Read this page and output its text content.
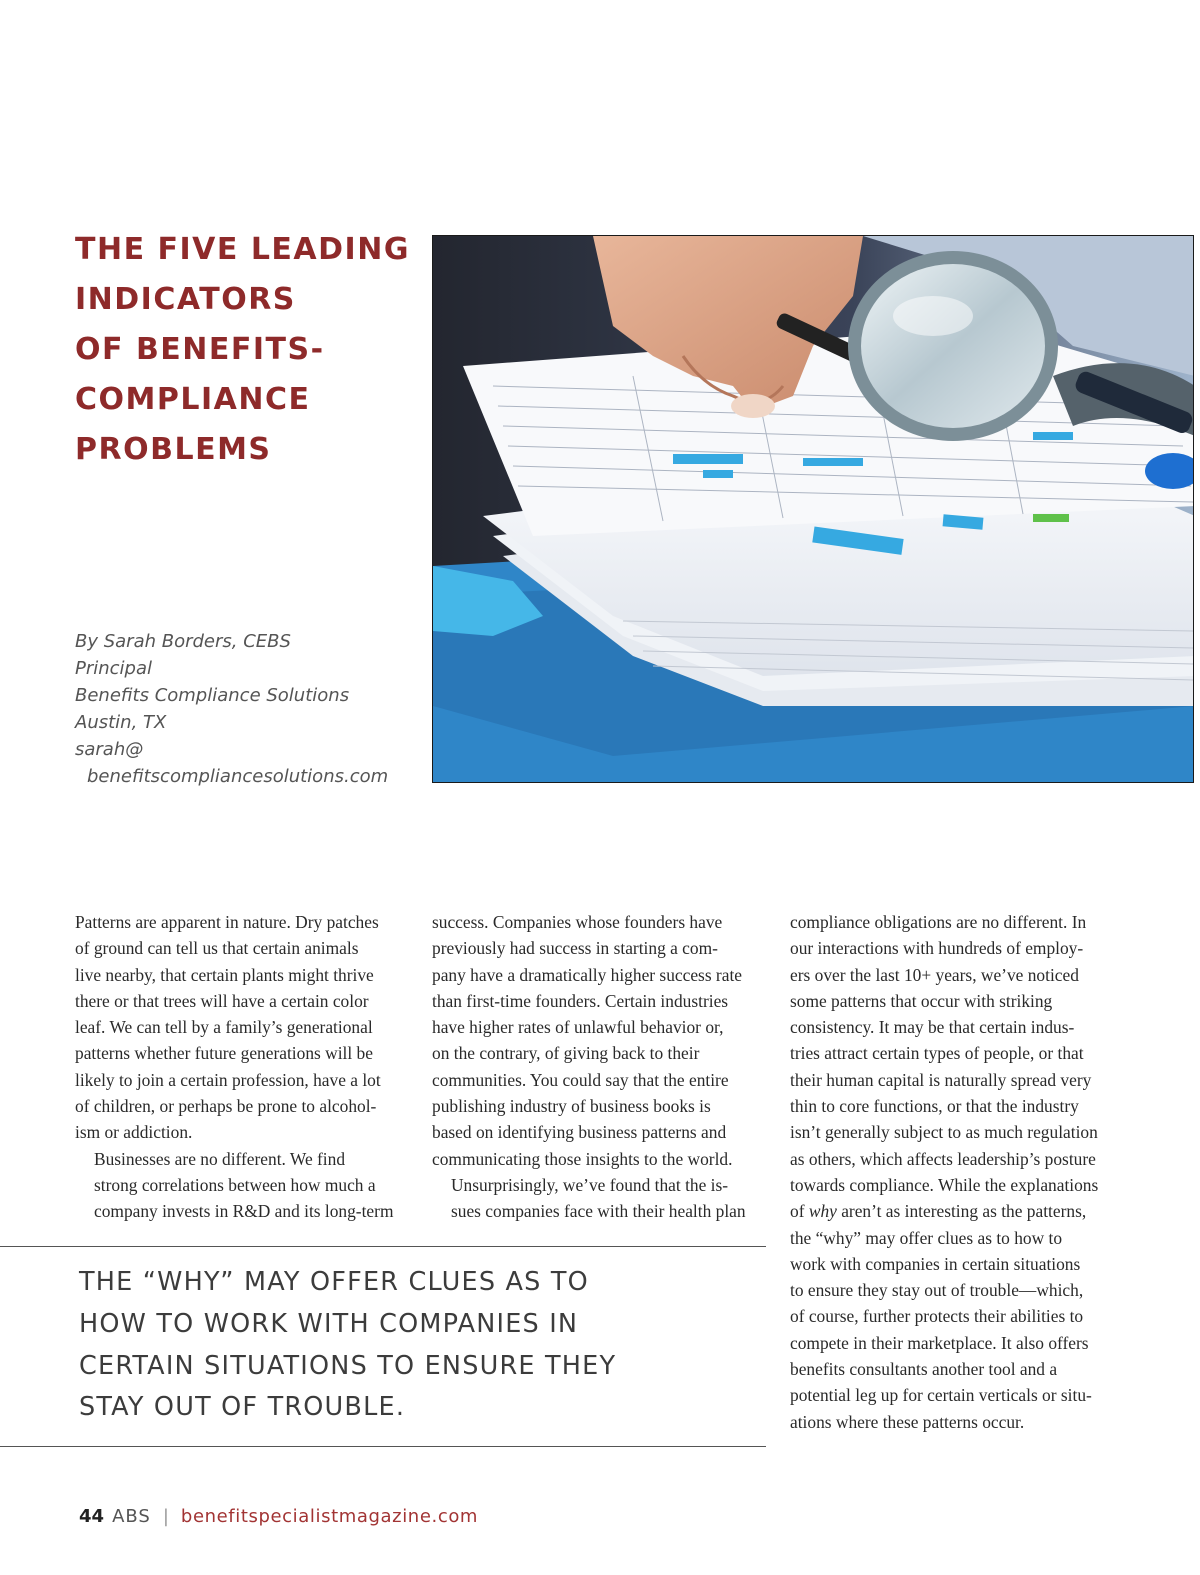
THE FIVE LEADING
INDICATORS
OF BENEFITS-
COMPLIANCE
PROBLEMS
By Sarah Borders, CEBS
Principal
Benefits Compliance Solutions
Austin, TX
sarah@
benefitscompliancesolutions.com

Patterns are apparent in nature. Dry patches
of ground can tell us that certain animals
live nearby, that certain plants might thrive
there or that trees will have a certain color
leaf. We can tell by a family’s generational
patterns whether future generations will be
likely to join a certain profession, have a lot
of children, or perhaps be prone to alcohol-
ism or addiction.

Businesses are no different. We find
strong correlations between how much a
company invests in R&D and its long-term

success. Companies whose founders have
previously had success in starting a com-
pany have a dramatically higher success rate
than first-time founders. Certain industries
have higher rates of unlawful behavior or,
on the contrary, of giving back to their
communities. You could say that the entire
publishing industry of business books is
based on identifying business patterns and
communicating those insights to the world.

Unsurprisingly, we’ve found that the is-
sues companies face with their health plan

compliance obligations are no different. In
our interactions with hundreds of employ-
ers over the last 10+ years, we’ve noticed
some patterns that occur with striking
consistency. It may be that certain indus-
tries attract certain types of people, or that
their human capital is naturally spread very
thin to core functions, or that the industry
isn’t generally subject to as much regulation
as others, which affects leadership’s posture
towards compliance. While the explanations
of why aren’t as interesting as the patterns,
the “why” may offer clues as to how to
work with companies in certain situations
to ensure they stay out of trouble—which,
of course, further protects their abilities to
compete in their marketplace. It also offers
benefits consultants another tool and a
potential leg up for certain verticals or situ-
ations where these patterns occur.

THE “WHY” MAY OFFER CLUES AS TO
HOW TO WORK WITH COMPANIES IN
CERTAIN SITUATIONS TO ENSURE THEY
STAY OUT OF TROUBLE.
44 ABS | benefitspecialistmagazine.com
